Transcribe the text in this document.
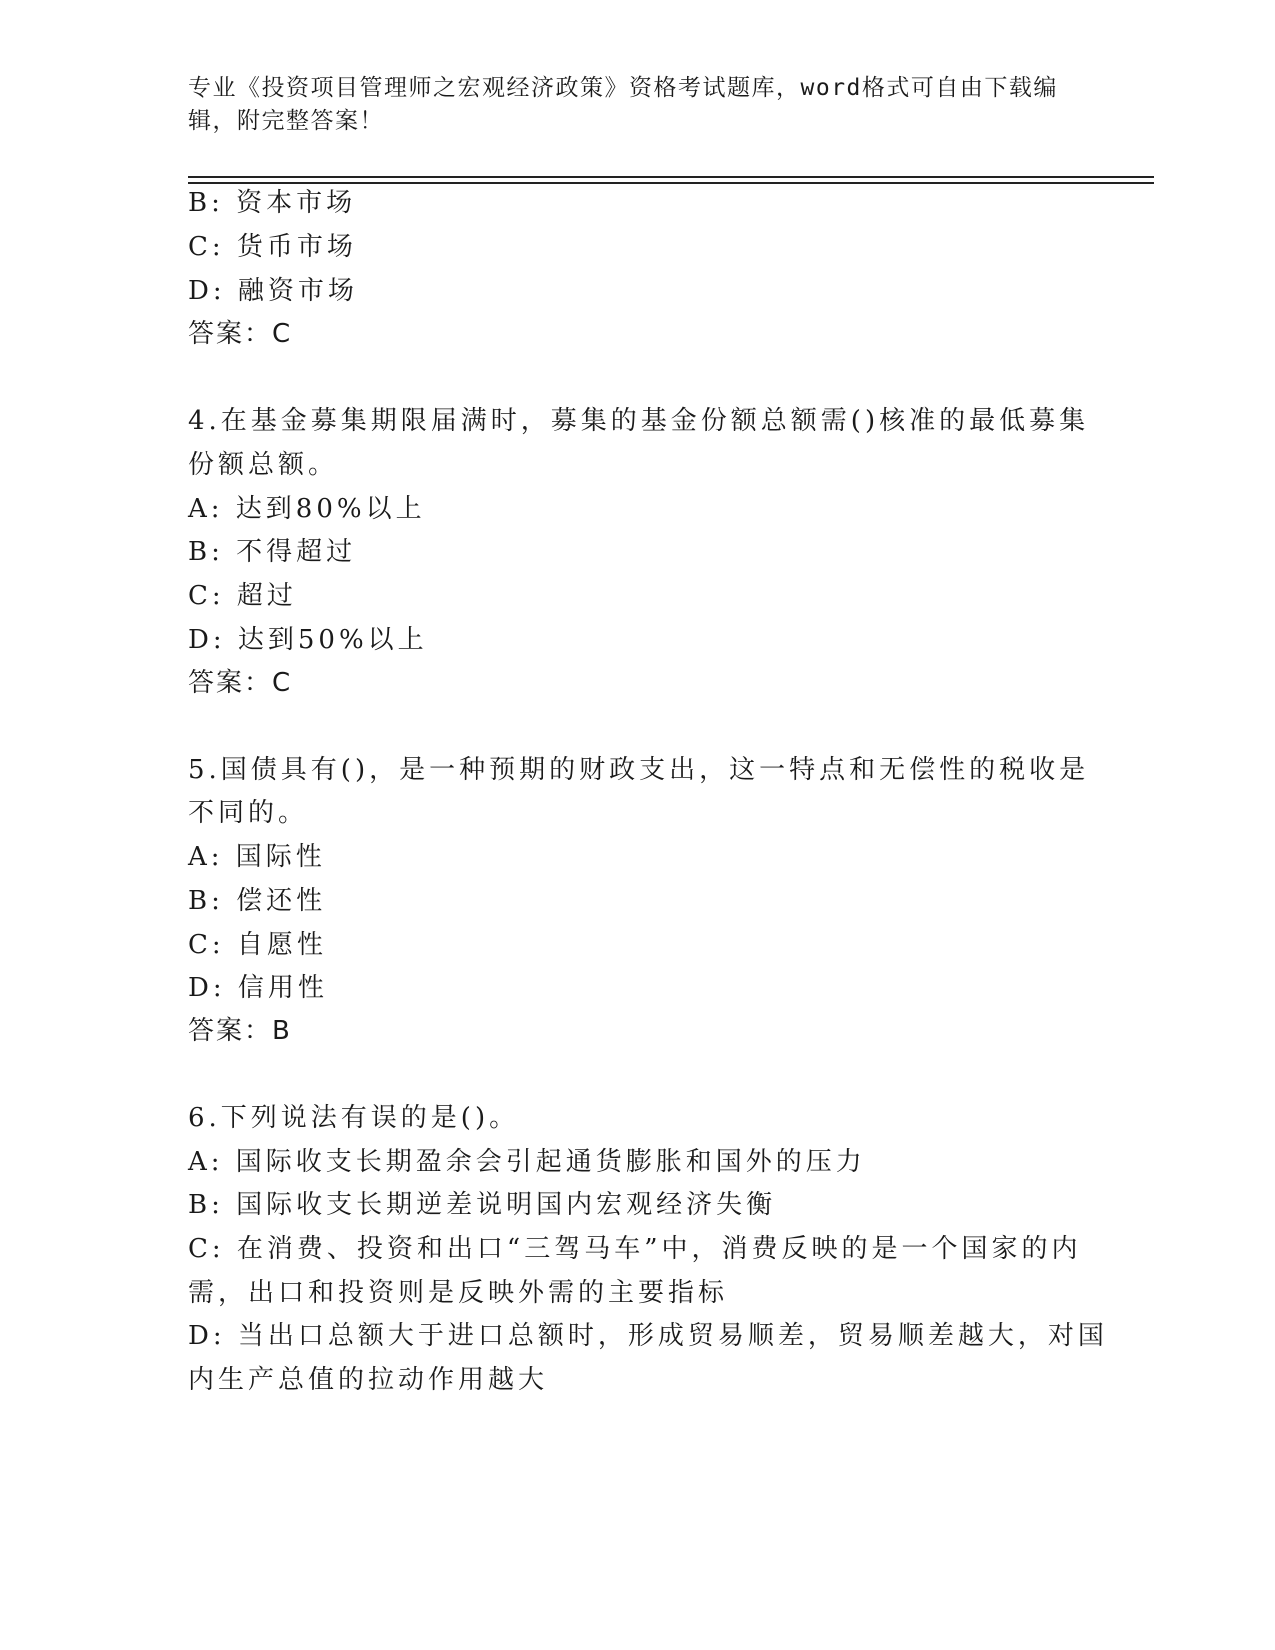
专业《投资项目管理师之宏观经济政策》资格考试题库，word格式可自由下载编
辑，附完整答案！
B: 资本市场
C: 货币市场
D: 融资市场
答案：C
4.在基金募集期限届满时，募集的基金份额总额需()核准的最低募集
份额总额。
A: 达到80%以上
B: 不得超过
C: 超过
D: 达到50%以上
答案：C
5.国债具有()，是一种预期的财政支出，这一特点和无偿性的税收是
不同的。
A: 国际性
B: 偿还性
C: 自愿性
D: 信用性
答案：B
6.下列说法有误的是()。
A: 国际收支长期盈余会引起通货膨胀和国外的压力
B: 国际收支长期逆差说明国内宏观经济失衡
C: 在消费、投资和出口“三驾马车”中，消费反映的是一个国家的内
需，出口和投资则是反映外需的主要指标
D: 当出口总额大于进口总额时，形成贸易顺差，贸易顺差越大，对国
内生产总值的拉动作用越大
